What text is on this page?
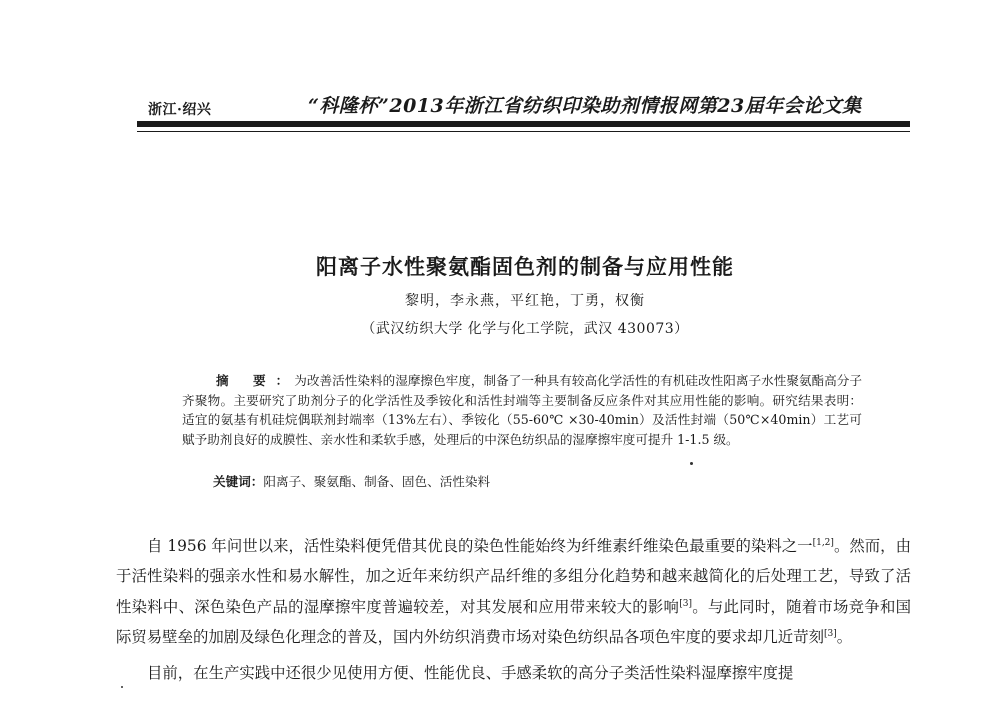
浙江·绍兴	“科隆杯”2013年浙江省纺织印染助剂情报网第23届年会论文集
阳离子水性聚氨酯固色剂的制备与应用性能
黎明，李永燕，平红艳，丁勇，权衡
（武汉纺织大学 化学与化工学院，武汉 430073）
摘 要：为改善活性染料的湿摩擦色牢度，制备了一种具有较高化学活性的有机硅改性阳离子水性聚氨酯高分子齐聚物。主要研究了助剂分子的化学活性及季铵化和活性封端等主要制备反应条件对其应用性能的影响。研究结果表明：适宜的氨基有机硅烷偶联剂封端率（13%左右）、季铵化（55-60℃ ×30-40min）及活性封端（50℃×40min）工艺可赋予助剂良好的成膜性、亲水性和柔软手感，处理后的中深色纺织品的湿摩擦牢度可提升 1-1.5 级。
关键词：阳离子、聚氨酯、制备、固色、活性染料

自 1956 年问世以来，活性染料便凭借其优良的染色性能始终为纤维素纤维染色最重要的染料之一[1,2]。然而，由于活性染料的强亲水性和易水解性，加之近年来纺织产品纤维的多组分化趋势和越来越简化的后处理工艺，导致了活性染料中、深色染色产品的湿摩擦牢度普遍较差，对其发展和应用带来较大的影响[3]。与此同时，随着市场竞争和国际贸易壁垒的加剧及绿色化理念的普及，国内外纺织消费市场对染色纺织品各项色牢度的要求却几近苛刻[3]。

目前，在生产实践中还很少见使用方便、性能优良、手感柔软的高分子类活性染料湿摩擦牢度提
